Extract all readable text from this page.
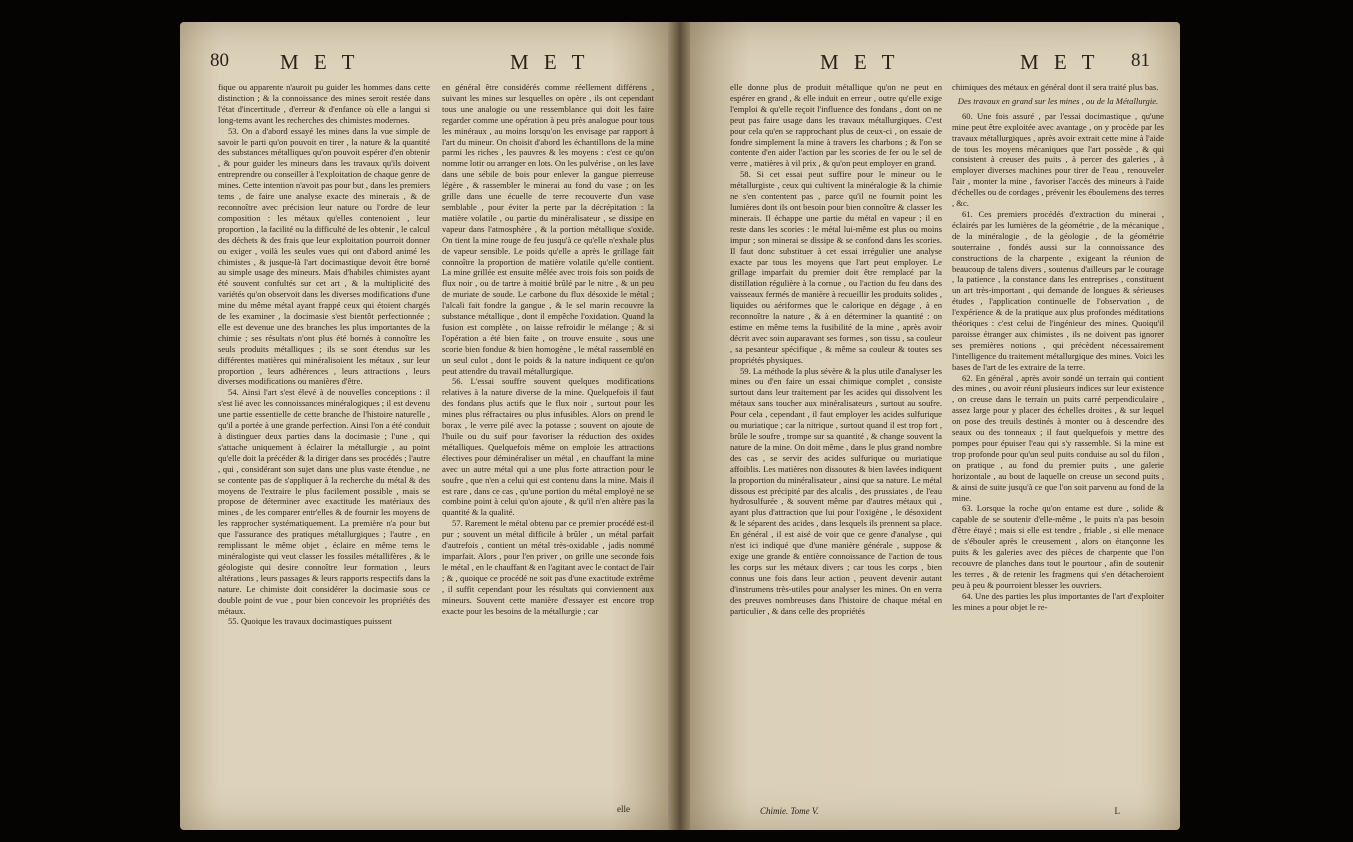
80 M E T	M E T

fique ou apparente n'auroit pu guider les hommes dans cette distinction ; & la connoissance des mines seroit restée dans l'état d'incertitude , d'erreur & d'enfance où elle a langui si long-tems avant les recherches des chimistes modernes.

53. On a d'abord essayé les mines dans la vue simple de savoir le parti qu'on pouvoit en tirer , la nature & la quantité des substances métalliques qu'on pouvoit espérer d'en obtenir , & pour guider les mineurs dans les travaux qu'ils doivent entreprendre ou conseiller à l'exploitation de chaque genre de mines. Cette intention n'avoit pas pour but , dans les premiers tems , de faire une analyse exacte des minerais , & de reconnoître avec précision leur nature ou l'ordre de leur composition : les métaux qu'elles contenoient , leur proportion , la facilité ou la difficulté de les obtenir , le calcul des déchets & des frais que leur exploitation pourroit donner ou exiger , voilà les seules vues qui ont d'abord animé les chimistes , & jusque-là l'art docimastique devoit être borné au simple usage des mineurs. Mais d'habiles chimistes ayant été souvent confultés sur cet art , & la multiplicité des variétés qu'on observoit dans les diverses modifications d'une mine du même métal ayant frappé ceux qui étoient chargés de les examiner , la docimasie s'est bientôt perfectionnée ; elle est devenue une des branches les plus importantes de la chimie ; ses résultats n'ont plus été bornés à connoître les seuls produits métalliques ; ils se sont étendus sur les différentes matières qui minéralisoient les métaux , sur leur proportion , leurs adhérences , leurs attractions , leurs diverses modifications ou manières d'être.

54. Ainsi l'art s'est élevé à de nouvelles conceptions : il s'est lié avec les connoissances minéralogiques ; il est devenu une partie essentielle de cette branche de l'histoire naturelle , qu'il a portée à une grande perfection. Ainsi l'on a été conduit à distinguer deux parties dans la docimasie ; l'une , qui s'attache uniquement à éclairer la métallurgie , au point qu'elle doit la précéder & la diriger dans ses procédés ; l'autre , qui , considérant son sujet dans une plus vaste étendue , ne se contente pas de s'appliquer à la recherche du métal & des moyens de l'extraire le plus facilement possible , mais se propose de déterminer avec exactitude les matériaux des mines , de les comparer entr'elles & de fournir les moyens de les rapprocher systématiquement. La première n'a pour but que l'assurance des pratiques métallurgiques ; l'autre , en remplissant le même objet , éclaire en même tems le minéralogiste qui veut classer les fossiles métallifères , & le géologiste qui desire connoître leur formation , leurs altérations , leurs passages & leurs rapports respectifs dans la nature. Le chimiste doit considérer la docimasie sous ce double point de vue , pour bien concevoir les propriétés des métaux.

55. Quoique les travaux docimastiques puissent

en général être considérés comme réellement différens , suivant les mines sur lesquelles on opère , ils ont cependant tous une analogie ou une ressemblance qui doit les faire regarder comme une opération à peu près analogue pour tous les minéraux , au moins lorsqu'on les envisage par rapport à l'art du mineur. On choisit d'abord les échantillons de la mine parmi les riches , les pauvres & les moyens : c'est ce qu'on nomme lotir ou arranger en lots. On les pulvérise , on les lave dans une sébile de bois pour enlever la gangue pierreuse légère , & rassembler le minerai au fond du vase ; on les grille dans une écuelle de terre recouverte d'un vase semblable , pour éviter la perte par la décrépitation : la matière volatile , ou partie du minéralisateur , se dissipe en vapeur dans l'atmosphère , & la portion métallique s'oxide. On tient la mine rouge de feu jusqu'à ce qu'elle n'exhale plus de vapeur sensible. Le poids qu'elle a après le grillage fait connoître la proportion de matière volatile qu'elle contient. La mine grillée est ensuite mêlée avec trois fois son poids de flux noir , ou de tartre à moitié brûlé par le nitre , & un peu de muriate de soude. Le carbone du flux désoxide le métal ; l'alcali fait fondre la gangue , & le sel marin recouvre la substance métallique , dont il empêche l'oxidation. Quand la fusion est complète , on laisse refroidir le mélange ; & si l'opération a été bien faite , on trouve ensuite , sous une scorie bien fondue & bien homogène , le métal rassemblé en un seul culot , dont le poids & la nature indiquent ce qu'on peut attendre du travail métallurgique.

56. L'essai souffre souvent quelques modifications relatives à la nature diverse de la mine. Quelquefois il faut des fondans plus actifs que le flux noir , surtout pour les mines plus réfractaires ou plus infusibles. Alors on prend le borax , le verre pilé avec la potasse ; souvent on ajoute de l'huile ou du suif pour favoriser la réduction des oxides métalliques. Quelquefois même on emploie les attractions électives pour déminéraliser un métal , en chauffant la mine avec un autre métal qui a une plus forte attraction pour le soufre , que n'en a celui qui est contenu dans la mine. Mais il est rare , dans ce cas , qu'une portion du métal employé ne se combine point à celui qu'on ajoute , & qu'il n'en altère pas la quantité & la qualité.

57. Rarement le métal obtenu par ce premier procédé est-il pur ; souvent un métal difficile à brûler , un métal parfait d'autrefois , contient un métal très-oxidable , jadis nommé imparfait. Alors , pour l'en priver , on grille une seconde fois le métal , en le chauffant & en l'agitant avec le contact de l'air ; & , quoique ce procédé ne soit pas d'une exactitude extrême , il suffit cependant pour les résultats qui conviennent aux mineurs. Souvent cette manière d'essayer est encore trop exacte pour les besoins de la métallurgie ; car

elle
M E T	M E T 81

elle donne plus de produit métallique qu'on ne peut en espérer en grand , & elle induit en erreur , outre qu'elle exige l'emploi & qu'elle reçoit l'influence des fondans , dont on ne peut pas faire usage dans les travaux métallurgiques. C'est pour cela qu'en se rapprochant plus de ceux-ci , on essaie de fondre simplement la mine à travers les charbons ; & l'on se contente d'en aider l'action par les scories de fer ou le sel de verre , matières à vil prix , & qu'on peut employer en grand.

58. Si cet essai peut suffire pour le mineur ou le métallurgiste , ceux qui cultivent la minéralogie & la chimie ne s'en contentent pas , parce qu'il ne fournit point les lumières dont ils ont besoin pour bien connoître & classer les minerais. Il échappe une partie du métal en vapeur ; il en reste dans les scories : le métal lui-même est plus ou moins impur ; son minerai se dissipe & se confond dans les scories. Il faut donc substituer à cet essai irrégulier une analyse exacte par tous les moyens que l'art peut employer. Le grillage imparfait du premier doit être remplacé par la distillation régulière à la cornue , ou l'action du feu dans des vaisseaux fermés de manière à recueillir les produits solides , liquides ou aériformes que le calorique en dégage , à en reconnoître la nature , & à en déterminer la quantité : on estime en même tems la fusibilité de la mine , après avoir décrit avec soin auparavant ses formes , son tissu , sa couleur , sa pesanteur spécifique , & même sa couleur & toutes ses propriétés physiques.

59. La méthode la plus sévère & la plus utile d'analyser les mines ou d'en faire un essai chimique complet , consiste surtout dans leur traitement par les acides qui dissolvent les métaux sans toucher aux minéralisateurs , surtout au soufre. Pour cela , cependant , il faut employer les acides sulfurique ou muriatique ; car la nitrique , surtout quand il est trop fort , brûle le soufre , trompe sur sa quantité , & change souvent la nature de la mine. On doit même , dans le plus grand nombre des cas , se servir des acides sulfurique ou muriatique affoiblis. Les matières non dissoutes & bien lavées indiquent la proportion du minéralisateur , ainsi que sa nature. Le métal dissous est précipité par des alcalis , des prussiates , de l'eau hydrosulfurée , & souvent même par d'autres métaux qui , ayant plus d'attraction que lui pour l'oxigène , le désoxident & le séparent des acides , dans lesquels ils prennent sa place. En général , il est aisé de voir que ce genre d'analyse , qui n'est ici indiqué que d'une manière générale , suppose & exige une grande & entière connoissance de l'action de tous les corps sur les métaux divers ; car tous les corps , bien connus une fois dans leur action , peuvent devenir autant d'instrumens très-utiles pour analyser les mines. On en verra des preuves nombreuses dans l'histoire de chaque métal en particulier , & dans celle des propriétés

Chimie. Tome V.

chimiques des métaux en général dont il sera traité plus bas.

Des travaux en grand sur les mines , ou de la Métallurgie.

60. Une fois assuré , par l'essai docimastique , qu'une mine peut être exploitée avec avantage , on y procède par les travaux métallurgiques , après avoir extrait cette mine à l'aide de tous les moyens mécaniques que l'art possède , & qui consistent à creuser des puits , à percer des galeries , à employer diverses machines pour tirer de l'eau , renouveler l'air , monter la mine , favoriser l'accès des mineurs à l'aide d'échelles ou de cordages , prévenir les éboulemens des terres , &c.

61. Ces premiers procédés d'extraction du minerai , éclairés par les lumières de la géométrie , de la mécanique , de la minéralogie , de la géologie , de la géométrie souterraine , fondés aussi sur la connoissance des constructions de la charpente , exigeant la réunion de beaucoup de talens divers , soutenus d'ailleurs par le courage , la patience , la constance dans les entreprises , constituent un art très-important , qui demande de longues & sérieuses études , l'application continuelle de l'observation , de l'expérience & de la pratique aux plus profondes méditations théoriques : c'est celui de l'ingénieur des mines. Quoiqu'il paroisse étranger aux chimistes , ils ne doivent pas ignorer ses premières notions , qui précèdent nécessairement l'intelligence du traitement métallurgique des mines. Voici les bases de l'art de les extraire de la terre.

62. En général , après avoir sondé un terrain qui contient des mines , ou avoir réuni plusieurs indices sur leur existence , on creuse dans le terrain un puits carré perpendiculaire , assez large pour y placer des échelles droites , & sur lequel on pose des treuils destinés à monter ou à descendre des seaux ou des tonneaux ; il faut quelquefois y mettre des pompes pour épuiser l'eau qui s'y rassemble. Si la mine est trop profonde pour qu'un seul puits conduise au sol du filon , on pratique , au fond du premier puits , une galerie horizontale , au bout de laquelle on creuse un second puits , & ainsi de suite jusqu'à ce que l'on soit parvenu au fond de la mine.

63. Lorsque la roche qu'on entame est dure , solide & capable de se soutenir d'elle-même , le puits n'a pas besoin d'être étayé ; mais si elle est tendre , friable , si elle menace de s'ébouler après le creusement , alors on étançonne les puits & les galeries avec des pièces de charpente que l'on recouvre de planches dans tout le pourtour , afin de soutenir les terres , & de retenir les fragmens qui s'en détacheroient peu à peu & pourroient blesser les ouvriers.

64. Une des parties les plus importantes de l'art d'exploiter les mines a pour objet le re-

L
